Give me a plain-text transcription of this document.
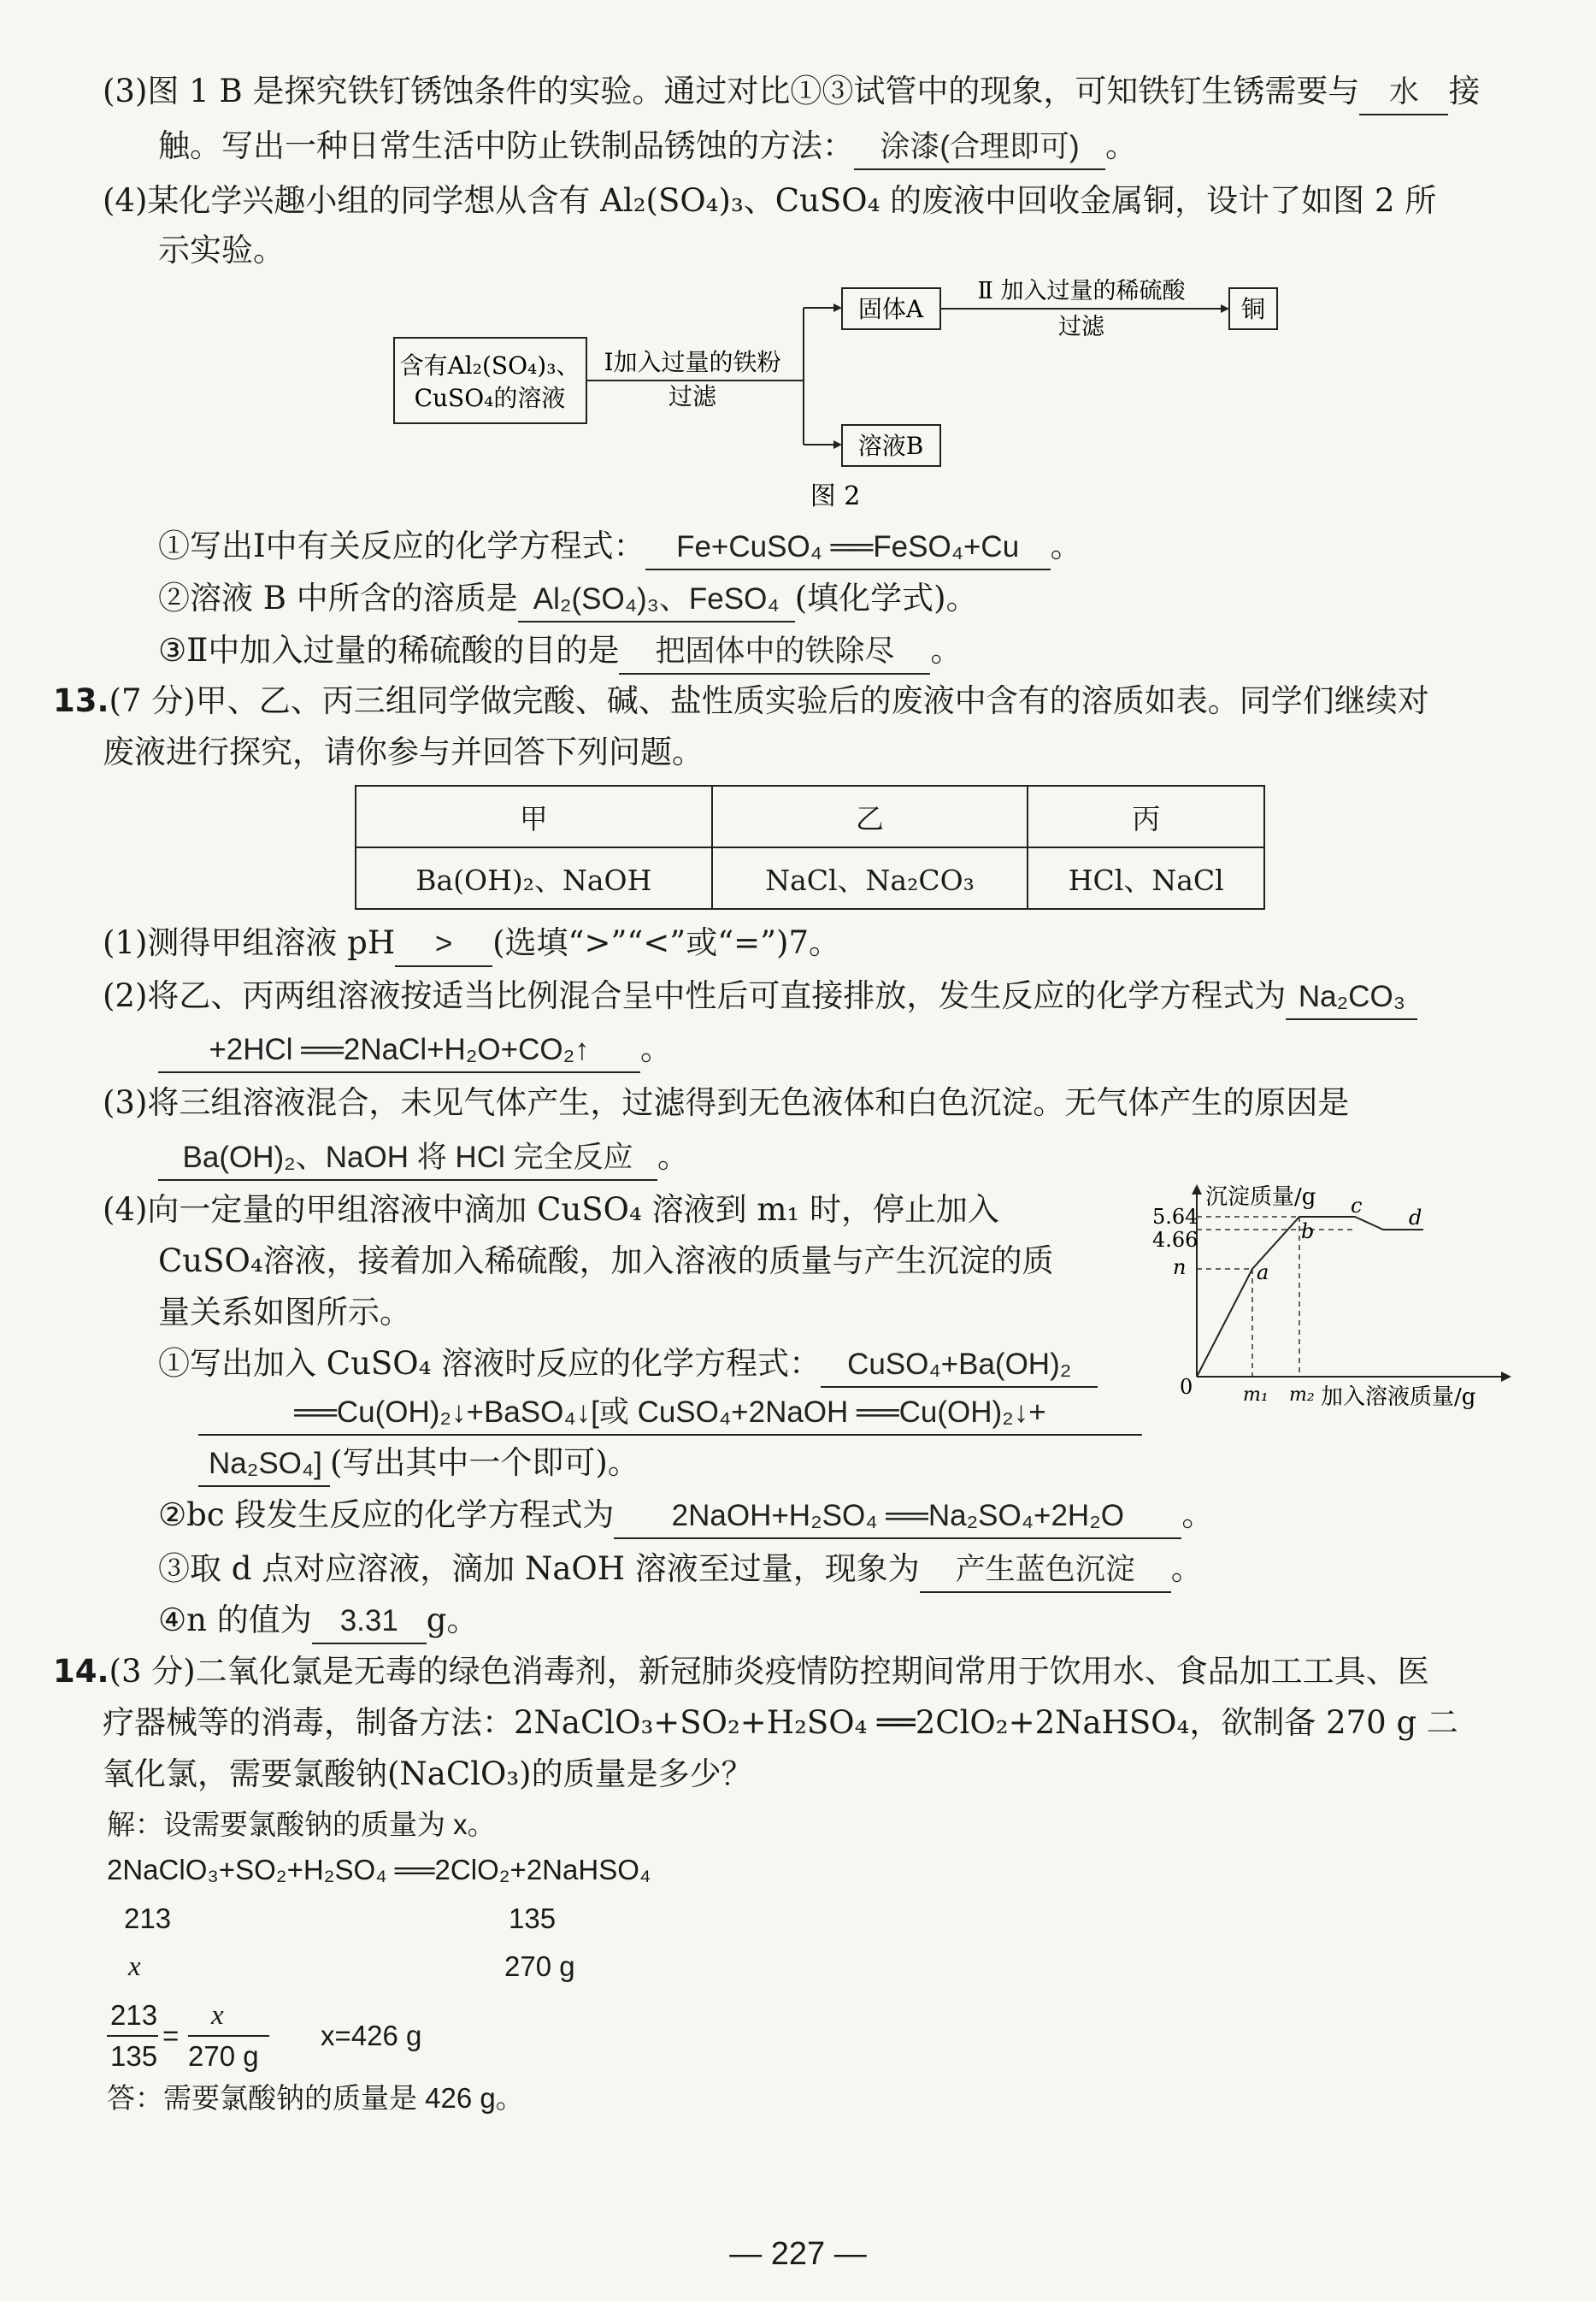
(3)图 1 B 是探究铁钉锈蚀条件的实验。通过对比①③试管中的现象，可知铁钉生锈需要与 水 接
触。写出一种日常生活中防止铁制品锈蚀的方法： 涂漆(合理即可) 。
(4)某化学兴趣小组的同学想从含有 Al₂(SO₄)₃、CuSO₄ 的废液中回收金属铜，设计了如图 2 所
示实验。
含有Al₂(SO₄)₃、
CuSO₄的溶液
Ⅰ加入过量的铁粉
过滤
固体A
溶液B
Ⅱ 加入过量的稀硫酸
过滤
铜
图 2
①写出Ⅰ中有关反应的化学方程式： Fe+CuSO₄ ══FeSO₄+Cu 。
②溶液 B 中所含的溶质是 Al₂(SO₄)₃、FeSO₄ (填化学式)。
③Ⅱ中加入过量的稀硫酸的目的是 把固体中的铁除尽 。
13.(7 分)甲、乙、丙三组同学做完酸、碱、盐性质实验后的废液中含有的溶质如表。同学们继续对
废液进行探究，请你参与并回答下列问题。
甲	乙	丙
Ba(OH)₂、NaOH	NaCl、Na₂CO₃	HCl、NaCl
(1)测得甲组溶液 pH > (选填“>”“<”或“=”)7。
(2)将乙、丙两组溶液按适当比例混合呈中性后可直接排放，发生反应的化学方程式为 Na₂CO₃
+2HCl ══2NaCl+H₂O+CO₂↑ 。
(3)将三组溶液混合，未见气体产生，过滤得到无色液体和白色沉淀。无气体产生的原因是
Ba(OH)₂、NaOH 将 HCl 完全反应 。
(4)向一定量的甲组溶液中滴加 CuSO₄ 溶液到 m₁ 时，停止加入
CuSO₄溶液，接着加入稀硫酸，加入溶液的质量与产生沉淀的质
量关系如图所示。
沉淀质量/g
5.64
4.66
n
0	m₁ m₂ 加入溶液质量/g
a
b
c d
①写出加入 CuSO₄ 溶液时反应的化学方程式： CuSO₄+Ba(OH)₂
══Cu(OH)₂↓+BaSO₄↓[或 CuSO₄+2NaOH ══Cu(OH)₂↓+
Na₂SO₄] (写出其中一个即可)。
②bc 段发生反应的化学方程式为 2NaOH+H₂SO₄ ══Na₂SO₄+2H₂O 。
③取 d 点对应溶液，滴加 NaOH 溶液至过量，现象为 产生蓝色沉淀 。
④n 的值为 3.31 g。
14.(3 分)二氧化氯是无毒的绿色消毒剂，新冠肺炎疫情防控期间常用于饮用水、食品加工工具、医
疗器械等的消毒，制备方法：2NaClO₃+SO₂+H₂SO₄ ══2ClO₂+2NaHSO₄，欲制备 270 g 二
氧化氯，需要氯酸钠(NaClO₃)的质量是多少？
解：设需要氯酸钠的质量为 x。
2NaClO₃+SO₂+H₂SO₄ ══2ClO₂+2NaHSO₄
213	135
x	270 g
213
135
=
x
270 g
x=426 g
答：需要氯酸钠的质量是 426 g。
— 227 —
